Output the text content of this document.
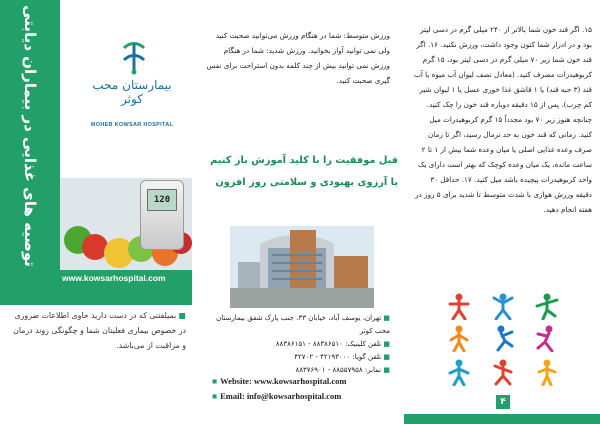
توصیه های غذایی در بیماران دیابتی	بیمارستان محب کوثر
MOHEB KOWSAR HOSPITAL
120
www.kowsarhospital.com
■ بمیلفتنی که در دست دارید حاوی اطلاعات ضروری در خصوص بیماری فعلیتان شما و چگونگی روند درمان و مراقبت از می‌باشد.
ورزش متوسط: شما در هنگام ورزش می‌توانید صحبت کنید ولی نمی توانید آواز بخوانید. ورزش شدید: شما در هنگام ورزش نمی توانید بیش از چند کلمه بدون استراحت برای نفس گیری صحبت کنید.
قبل موفقیت را با کلید آموزش باز کنیم
با آرزوی بهبودی و سلامتی روز افزون
■ تهران، یوسف آباد، خیابان ۳۳، جنب پارک شفق بیمارستان محب کوثر
■ تلفن کلینیک: ۸۸۳۸۶۵۱۰ - ۸۸۳۸۶۱۵۱
■ تلفن گویا: ۴۲۱۹۳۰۰۰ - ۴۲۷۰۲
■ نمابر: ۸۸۵۵۷۹۵۸ - ۸۸۳۷۶۹۰۱
■ Website: www.kowsarhospital.com
■ Email: info@kowsarhospital.com
۱۵. اگر قند خون شما بالاتر از ۲۴۰ میلی گرم در دسی لیتر بود و در ادرار شما کتون وجود داشت، ورزش نکنید. ۱۶. اگر قند خون شما زیر ۷۰ میلی گرم در دسی لیتر بود، ۱۵ گرم کربوهیدرات مصرف کنید. (معادل نصف لیوان آب میوه یا آب قند (۳ حبه قند) یا ۱ قاشق غذا خوری عسل یا ۱ لیوان شیر کم چرب). پس از ۱۵ دقیقه دوباره قند خون را چک کنید. چنانچه هنوز زیر ۷۰ بود مجدداً ۱۵ گرم کربوهیدرات میل کنید. زمانی که قند خون به حد نرمال رسید، اگر تا زمان صرف وعده غذایی اصلی یا میان وعده شما بیش از ۱ تا ۲ ساعت مانده، یک میان وعده کوچک که بهتر است دارای یک واحد کربوهیدرات پیچیده باشد میل کنید. ۱۷. حداقل ۳۰ دقیقه ورزش هوازی با شدت متوسط تا شدید برای ۵ روز در هفته انجام دهید.
۴
